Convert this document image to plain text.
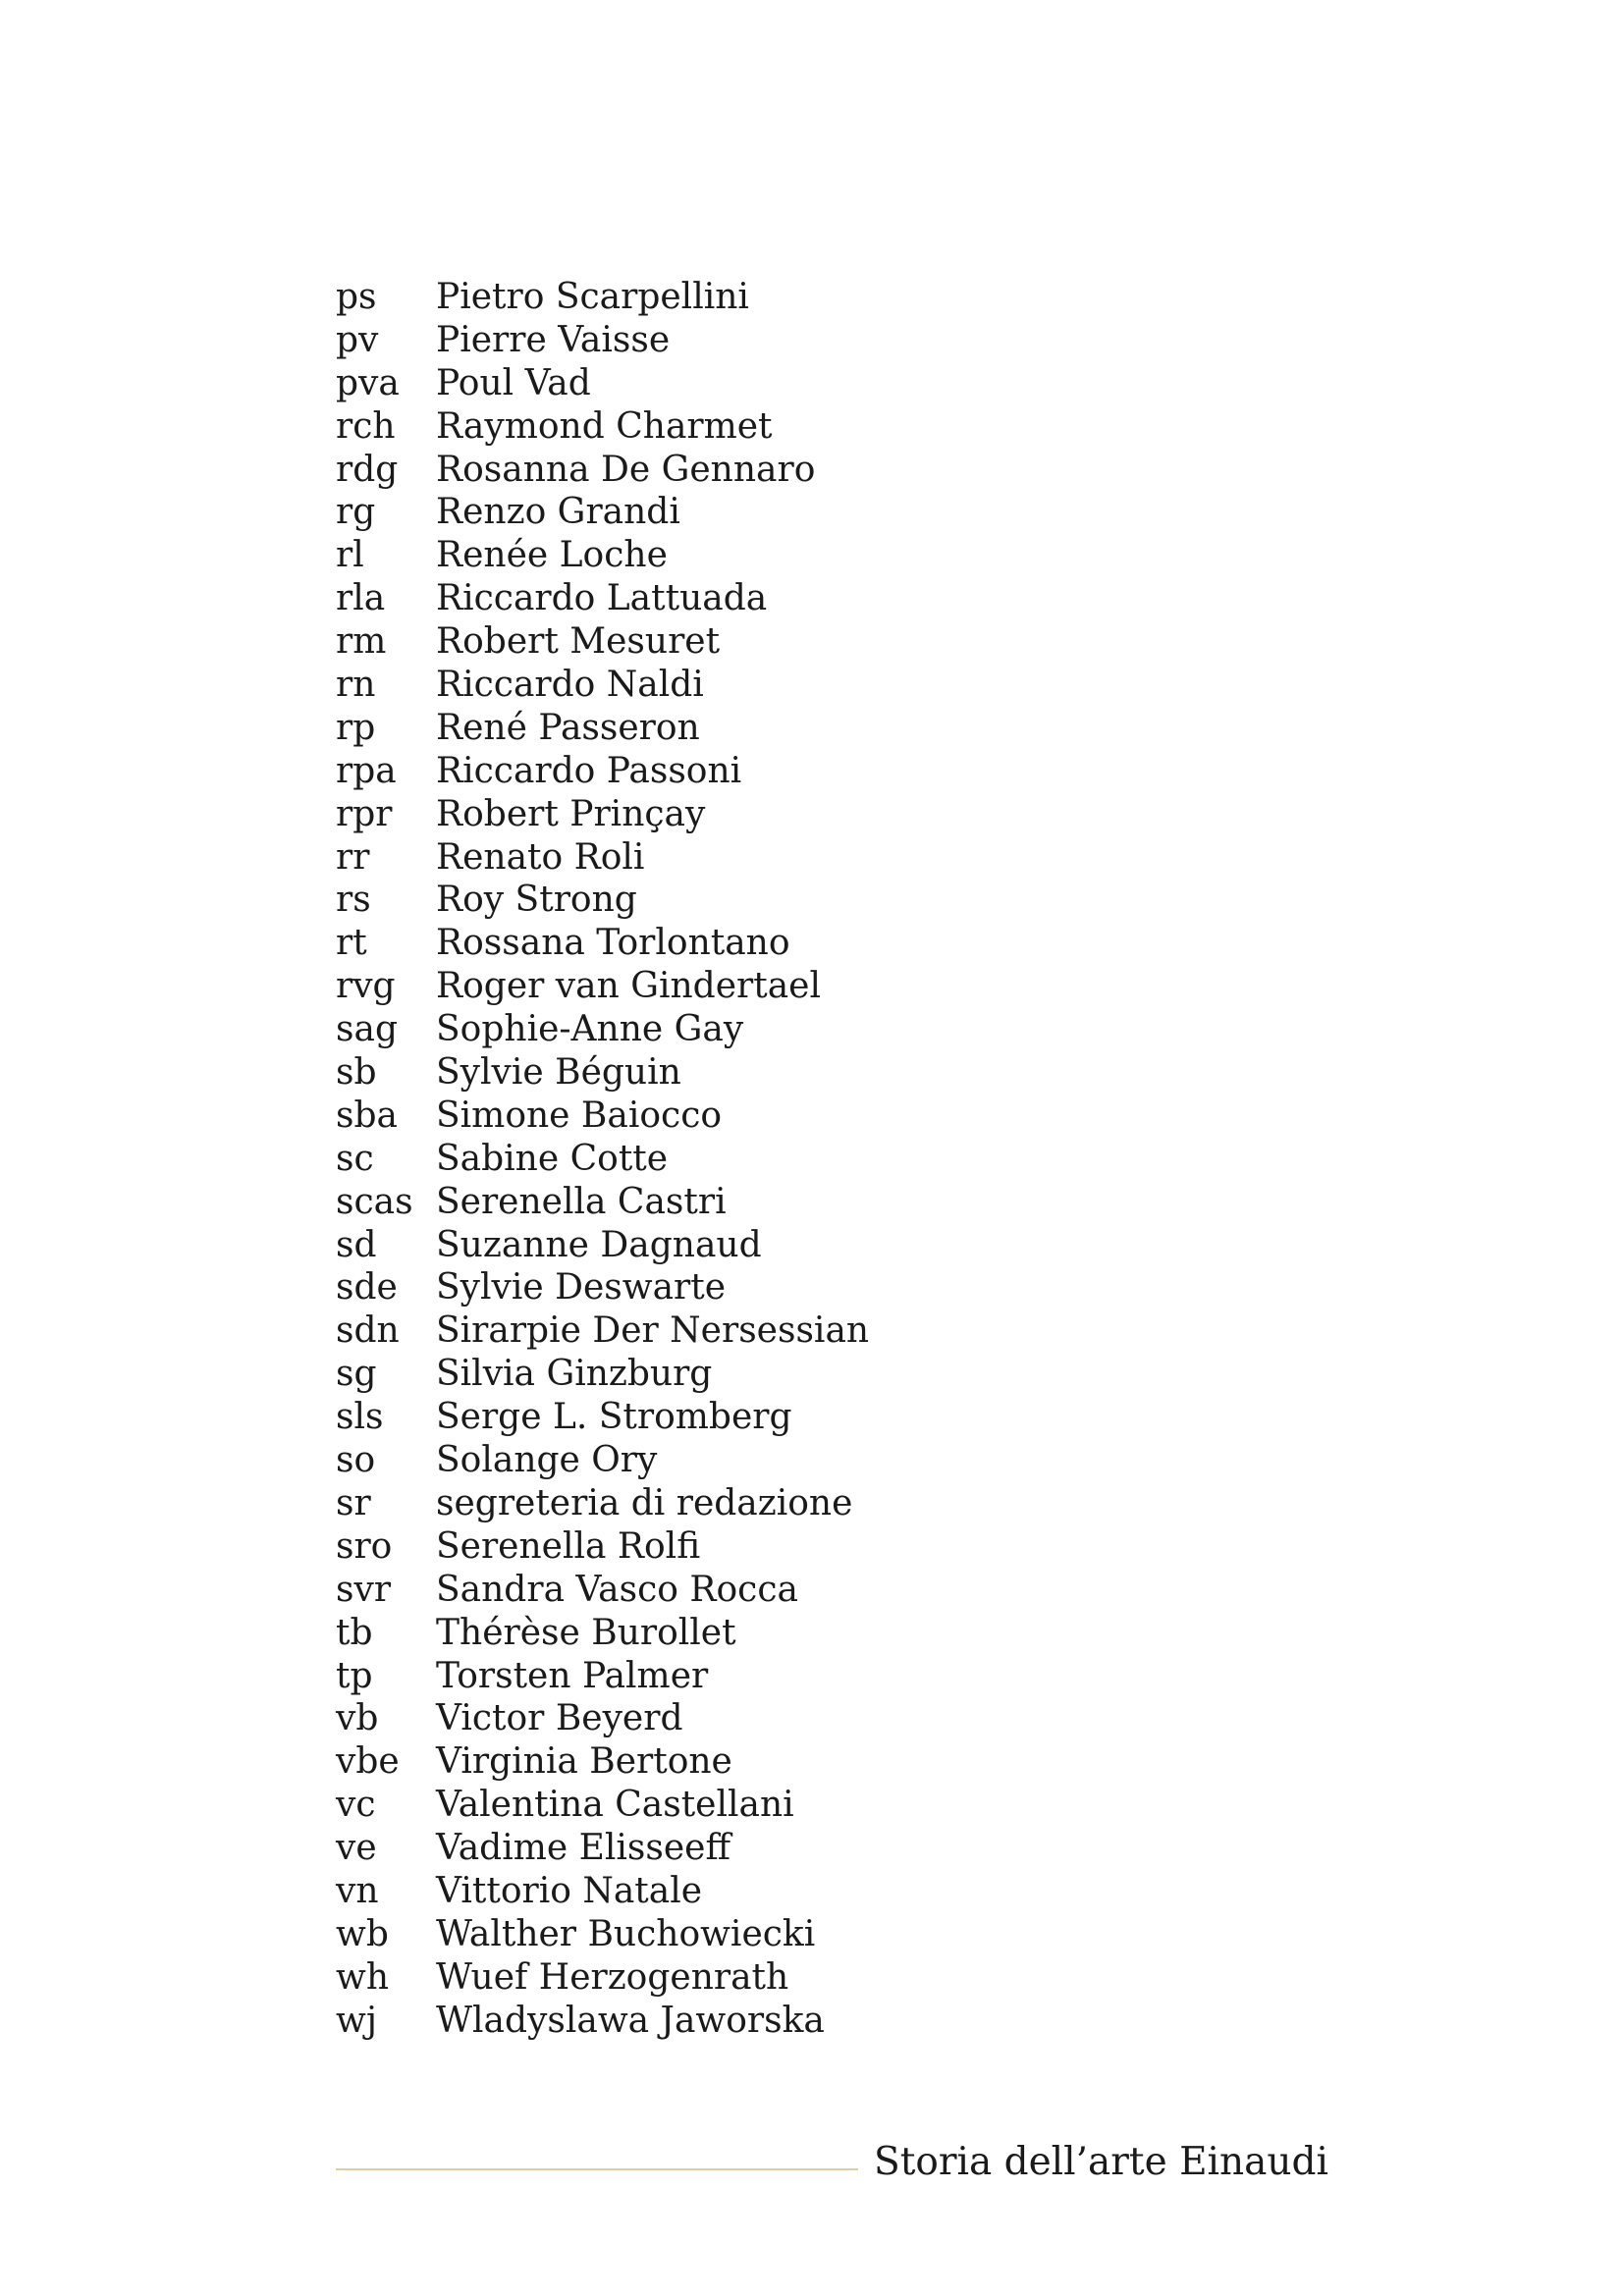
ps	Pietro Scarpellini
pv	Pierre Vaisse
pva	Poul Vad
rch	Raymond Charmet
rdg	Rosanna De Gennaro
rg	Renzo Grandi
rl	Renée Loche
rla	Riccardo Lattuada
rm	Robert Mesuret
rn	Riccardo Naldi
rp	René Passeron
rpa	Riccardo Passoni
rpr	Robert Prinçay
rr	Renato Roli
rs	Roy Strong
rt	Rossana Torlontano
rvg	Roger van Gindertael
sag	Sophie-Anne Gay
sb	Sylvie Béguin
sba	Simone Baiocco
sc	Sabine Cotte
scas Serenella Castri
sd	Suzanne Dagnaud
sde	Sylvie Deswarte
sdn	Sirarpie Der Nersessian
sg	Silvia Ginzburg
sls	Serge L. Stromberg
so	Solange Ory
sr	segreteria di redazione
sro	Serenella Rolfi
svr	Sandra Vasco Rocca
tb	Thérèse Burollet
tp	Torsten Palmer
vb	Victor Beyerd
vbe	Virginia Bertone
vc	Valentina Castellani
ve	Vadime Elisseeff
vn	Vittorio Natale
wb	Walther Buchowiecki
wh	Wuef Herzogenrath
wj	Wladyslawa Jaworska
Storia dell’arte Einaudi
